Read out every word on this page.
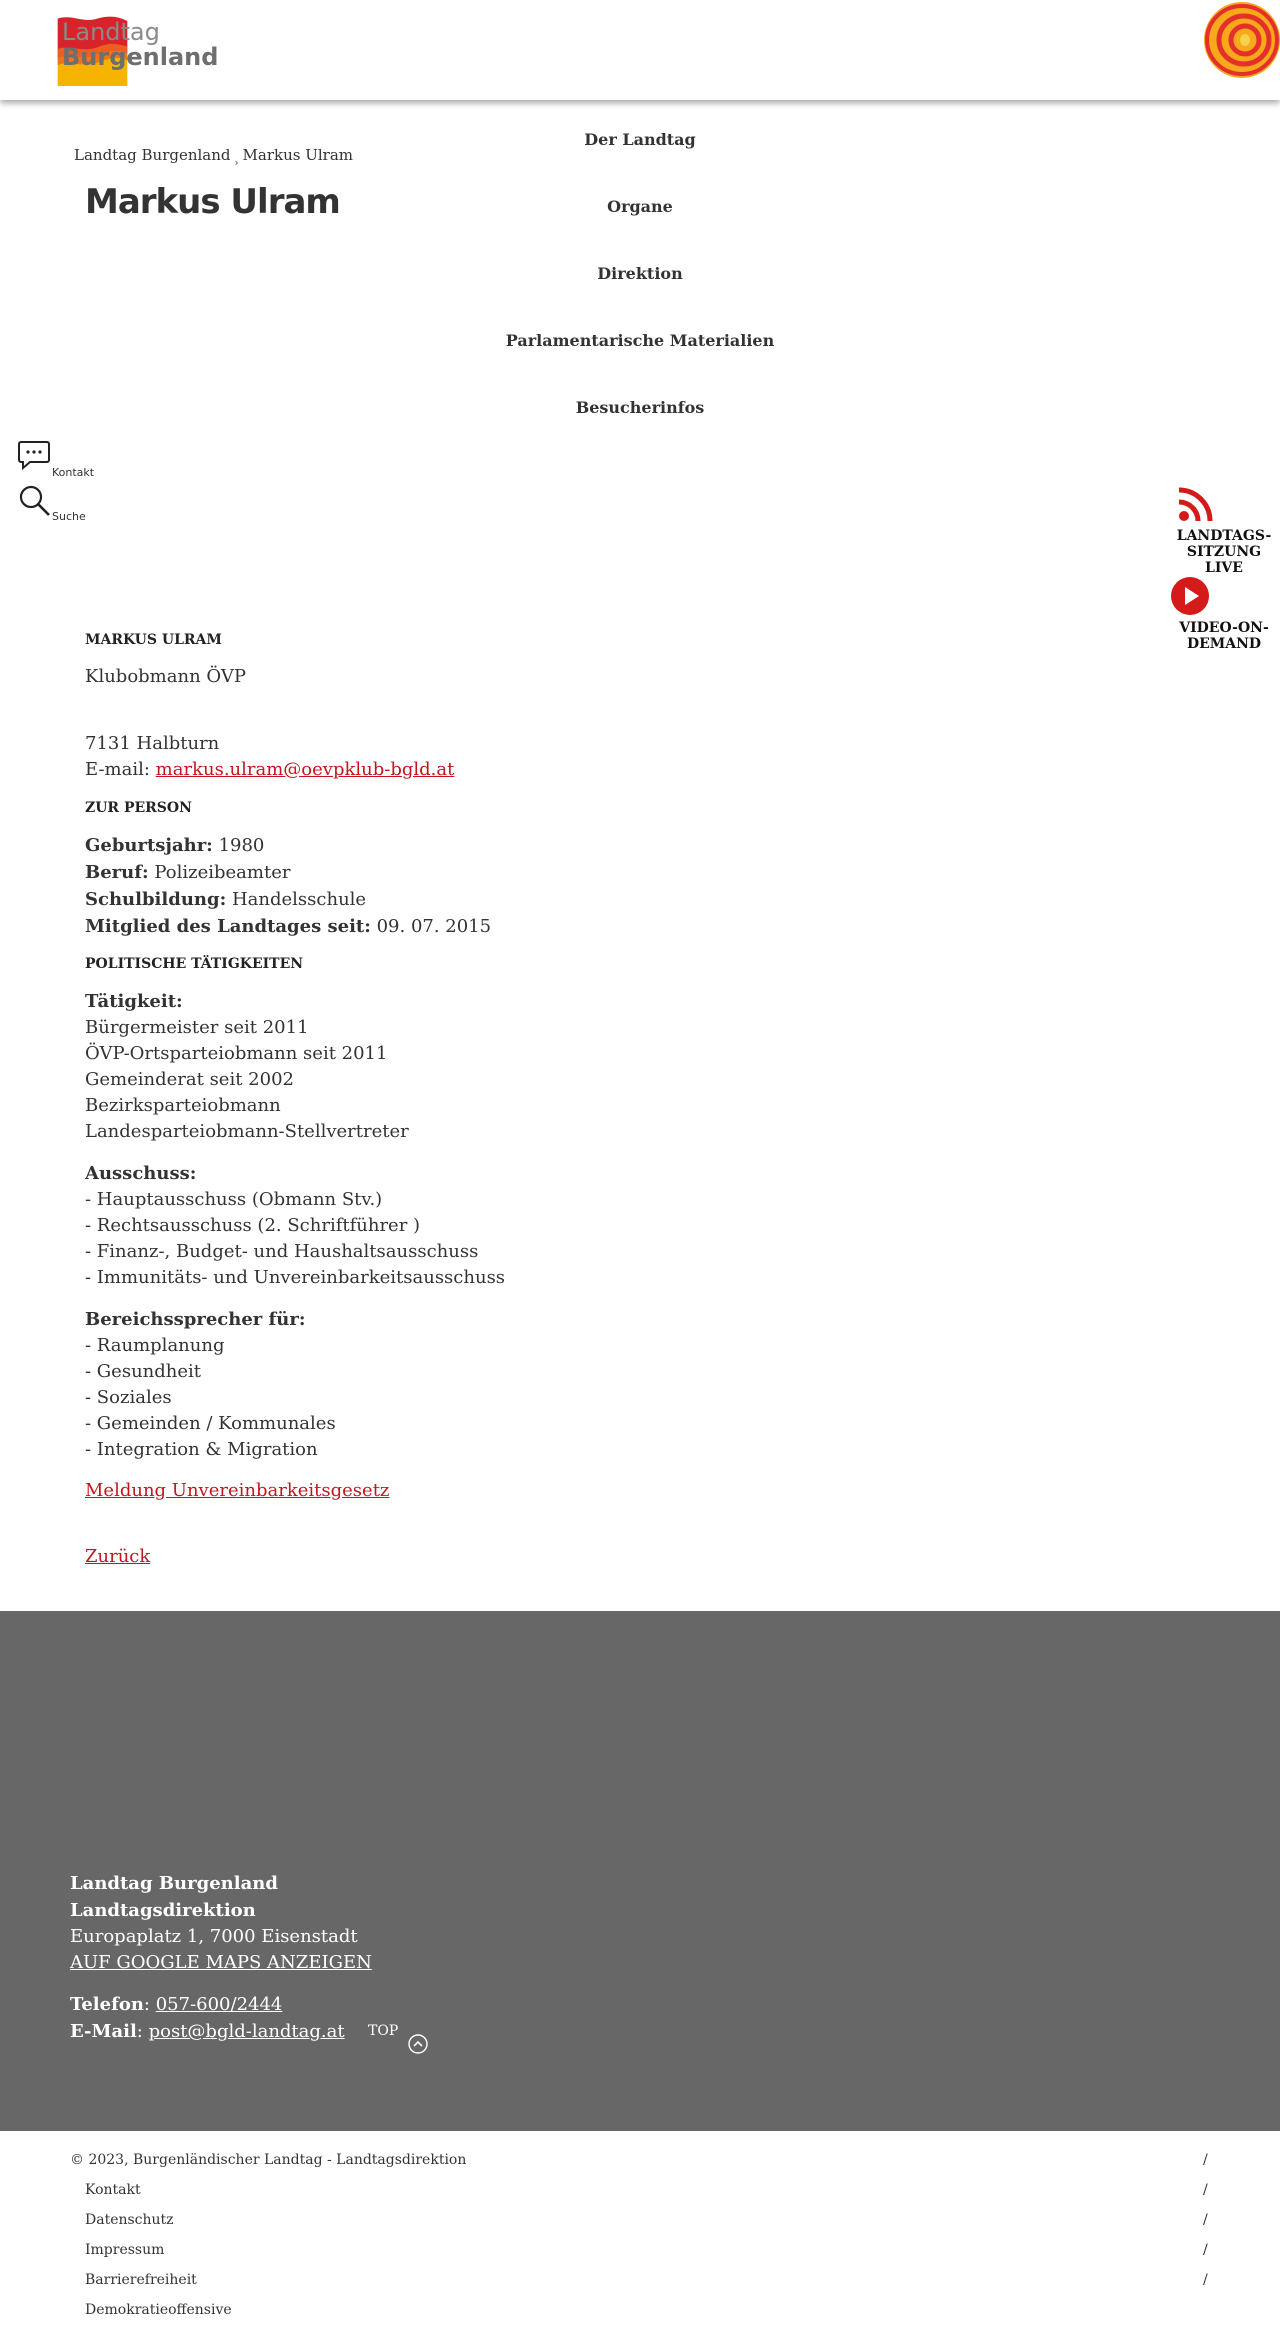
Landtag
Burgenland
Landtag Burgenland $_›$ Markus Ulram
Markus Ulram
Der Landtag
Organe
Direktion
Parlamentarische Materialien
Besucherinfos
Kontakt
Suche
LANDTAGS-
SITZUNG LIVE
VIDEO-ON-
DEMAND
MARKUS ULRAM
Klubobmann ÖVP
7131 Halbturn
E-mail: markus.ulram@oevpklub-bgld.at
ZUR PERSON
Geburtsjahr: 1980
Beruf: Polizeibeamter
Schulbildung: Handelsschule
Mitglied des Landtages seit: 09. 07. 2015
POLITISCHE TÄTIGKEITEN
Tätigkeit:
Bürgermeister seit 2011
ÖVP-Ortsparteiobmann seit 2011
Gemeinderat seit 2002
Bezirksparteiobmann
Landesparteiobmann-Stellvertreter
Ausschuss:
- Hauptausschuss (Obmann Stv.)
- Rechtsausschuss (2. Schriftführer )
- Finanz-, Budget- und Haushaltsausschuss
- Immunitäts- und Unvereinbarkeitsausschuss
Bereichssprecher für:
- Raumplanung
- Gesundheit
- Soziales
- Gemeinden / Kommunales
- Integration & Migration
Meldung Unvereinbarkeitsgesetz
Zurück
Landtag Burgenland
Landtagsdirektion
Europaplatz 1, 7000 Eisenstadt
AUF GOOGLE MAPS ANZEIGEN
Telefon: 057-600/2444
E-Mail: post@bgld-landtag.at TOP
© 2023, Burgenländischer Landtag - Landtagsdirektion	/
Kontakt	/
Datenschutz	/
Impressum	/
Barrierefreiheit	/
Demokratieoffensive
